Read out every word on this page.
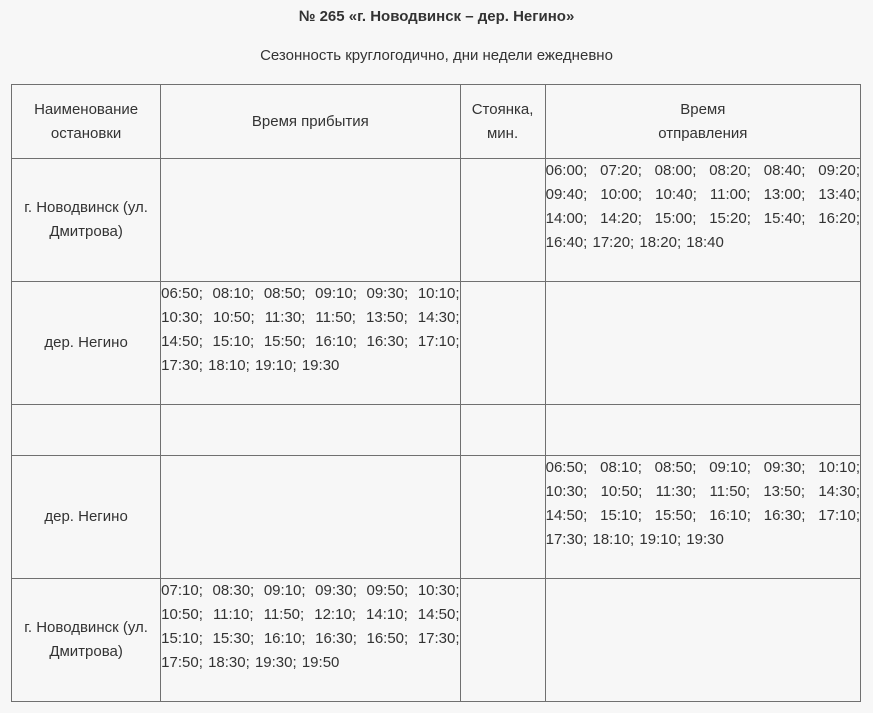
№ 265 «г. Новодвинск – дер. Негино»
Сезонность круглогодично, дни недели ежедневно
Наименование остановки	Время прибытия	Стоянка, мин.	Время
отправления

г. Новодвинск (ул. Дмитрова)			06:00; 07:20; 08:00; 08:20; 08:40; 09:20; 09:40; 10:00; 10:40; 11:00; 13:00; 13:40; 14:00; 14:20; 15:00; 15:20; 15:40; 16:20; 16:40; 17:20; 18:20; 18:40
дер. Негино	06:50; 08:10; 08:50; 09:10; 09:30; 10:10; 10:30; 10:50; 11:30; 11:50; 13:50; 14:30; 14:50; 15:10; 15:50; 16:10; 16:30; 17:10; 17:30; 18:10; 19:10; 19:30		

дер. Негино			06:50; 08:10; 08:50; 09:10; 09:30; 10:10; 10:30; 10:50; 11:30; 11:50; 13:50; 14:30; 14:50; 15:10; 15:50; 16:10; 16:30; 17:10; 17:30; 18:10; 19:10; 19:30
г. Новодвинск (ул. Дмитрова)	07:10; 08:30; 09:10; 09:30; 09:50; 10:30; 10:50; 11:10; 11:50; 12:10; 14:10; 14:50; 15:10; 15:30; 16:10; 16:30; 16:50; 17:30; 17:50; 18:30; 19:30; 19:50		
